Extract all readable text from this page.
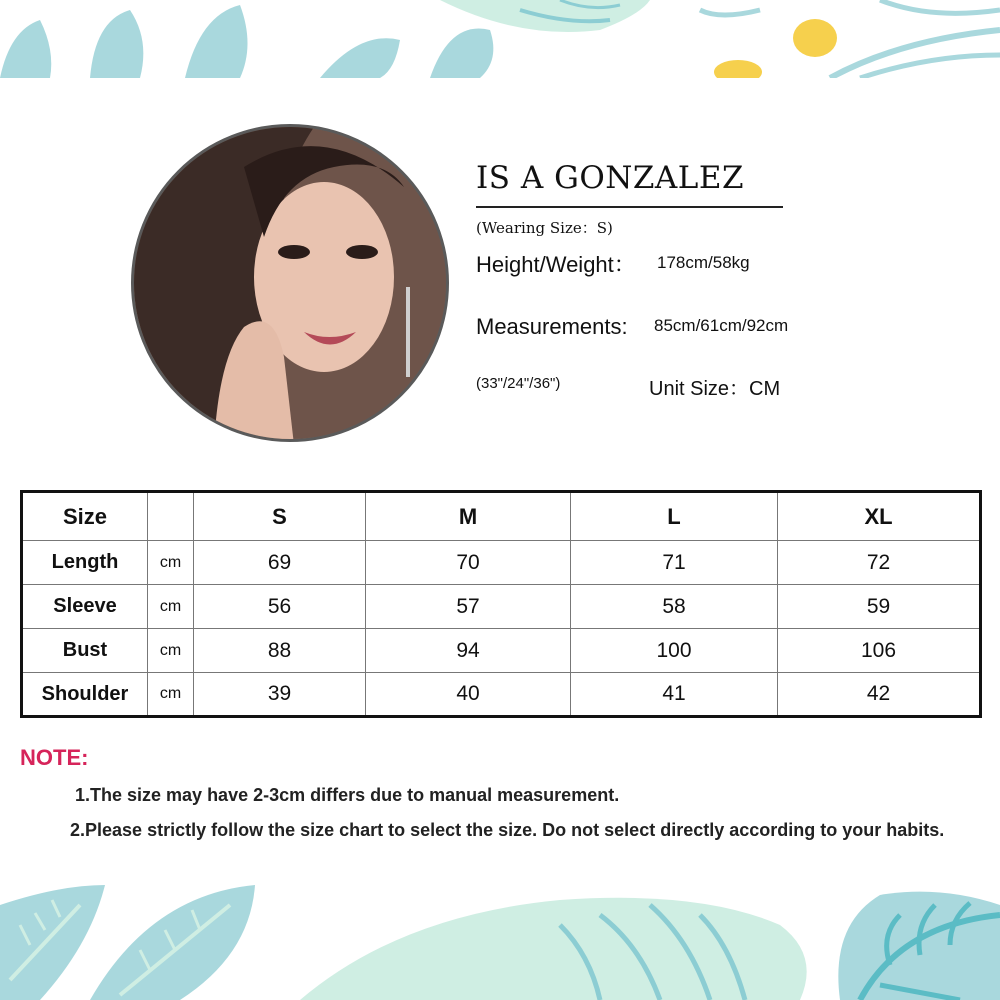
IS A GONZALEZ
(Wearing Size：S)
Height/Weight： 178cm/58kg
Measurements: 85cm/61cm/92cm
(33"/24"/36")	Unit Size：CM
Size		S	M	L	XL
Length	cm	69	70	71	72
Sleeve	cm	56	57	58	59
Bust	cm	88	94	100	106
Shoulder	cm	39	40	41	42
NOTE:
1.The size may have 2-3cm differs due to manual measurement.
2.Please strictly follow the size chart to select the size. Do not select directly according to your habits.
